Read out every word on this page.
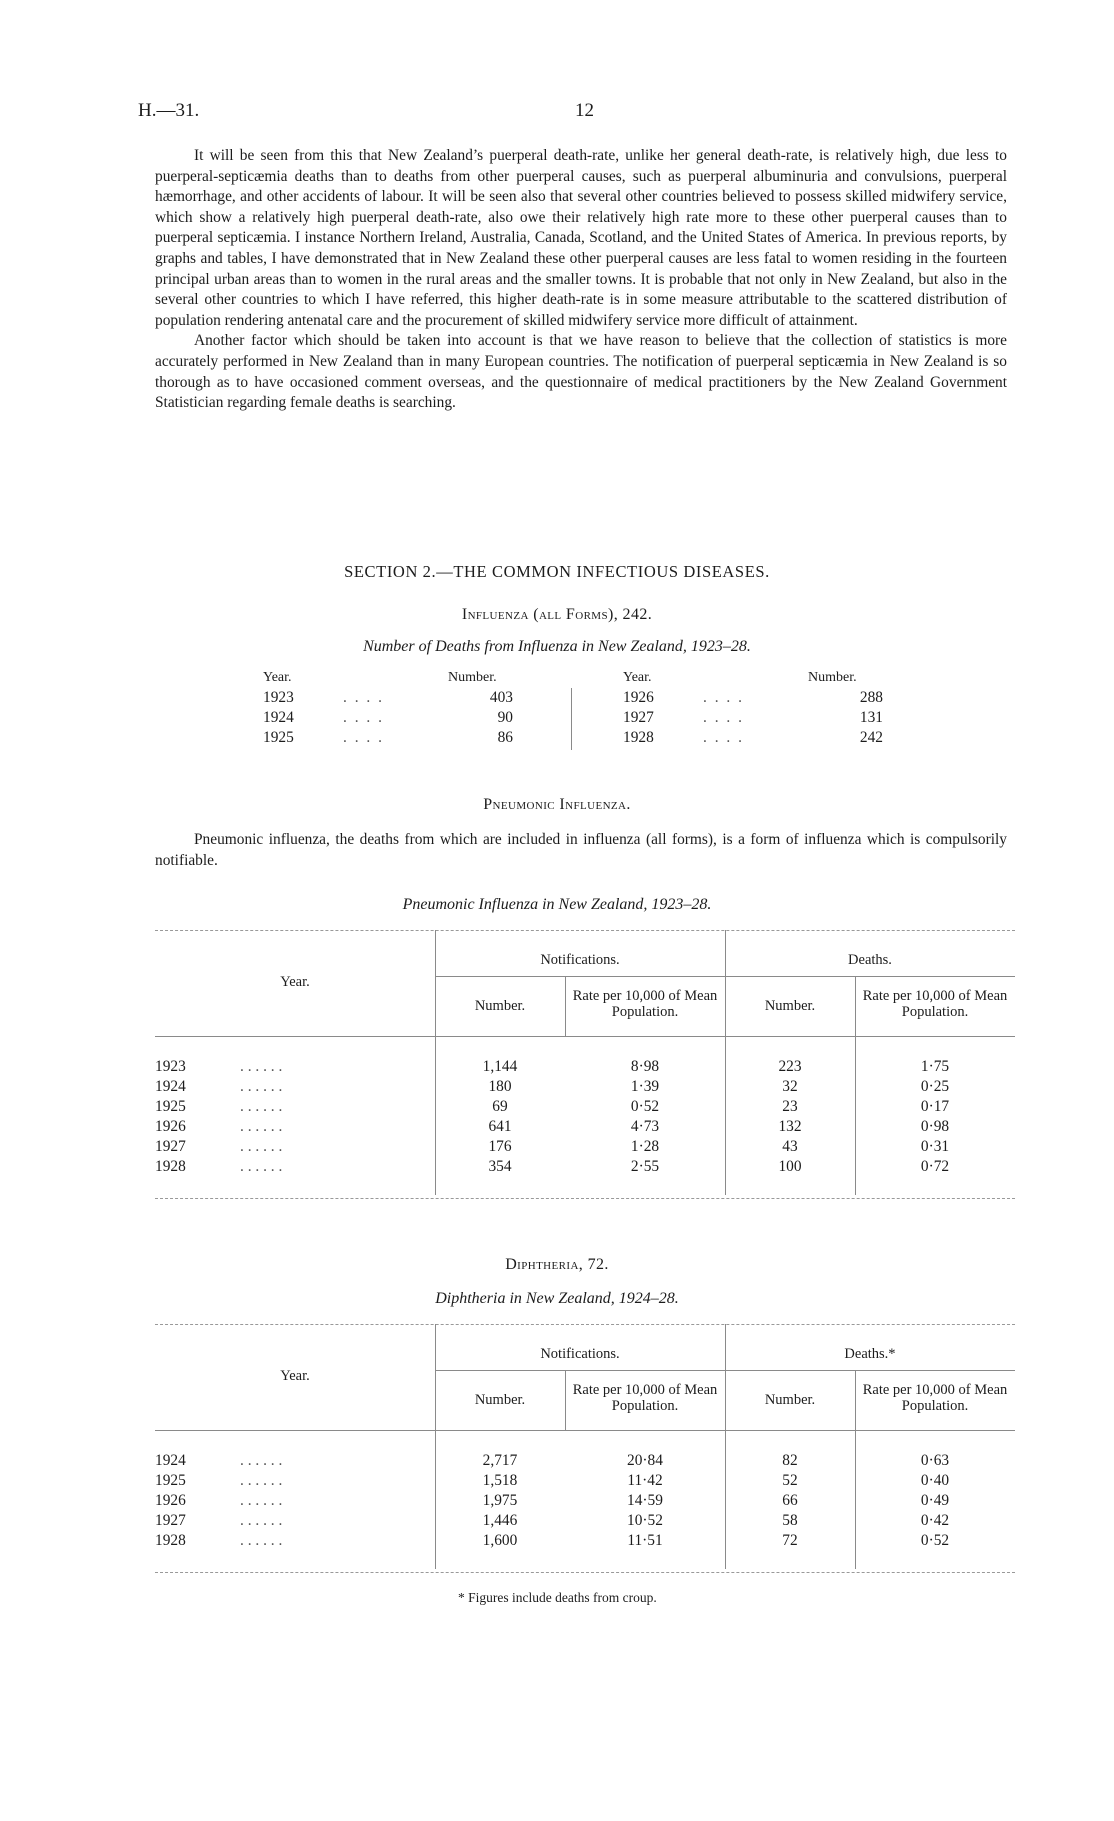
H.—31.	12

It will be seen from this that New Zealand’s puerperal death-rate, unlike her general death-rate, is relatively high, due less to puerperal-septicæmia deaths than to deaths from other puerperal causes, such as puerperal albuminuria and convulsions, puerperal hæmorrhage, and other accidents of labour. It will be seen also that several other countries believed to possess skilled midwifery service, which show a relatively high puerperal death-rate, also owe their relatively high rate more to these other puerperal causes than to puerperal septicæmia. I instance Northern Ireland, Australia, Canada, Scotland, and the United States of America. In previous reports, by graphs and tables, I have demonstrated that in New Zealand these other puerperal causes are less fatal to women residing in the fourteen principal urban areas than to women in the rural areas and the smaller towns. It is probable that not only in New Zealand, but also in the several other countries to which I have referred, this higher death-rate is in some measure attributable to the scattered distribution of population rendering antenatal care and the procurement of skilled midwifery service more difficult of attainment.

Another factor which should be taken into account is that we have reason to believe that the collection of statistics is more accurately performed in New Zealand than in many European countries. The notification of puerperal septicæmia in New Zealand is so thorough as to have occasioned comment overseas, and the questionnaire of medical practitioners by the New Zealand Government Statistician regarding female deaths is searching.

SECTION 2.—THE COMMON INFECTIOUS DISEASES.
Influenza (all Forms), 242.
Number of Deaths from Influenza in New Zealand, 1923–28.
Year.	Number.
1923	. . . .	403
1924	. . . .	90
1925	. . . .	86
Year.	Number.
1926	. . . .	288
1927	. . . .	131
1928	. . . .	242
Pneumonic Influenza.

Pneumonic influenza, the deaths from which are included in influenza (all forms), is a form of influenza which is compulsorily notifiable.

Pneumonic Influenza in New Zealand, 1923–28.
Year.
Notifications.	Deaths.
Number.
Rate per 10,000 of Mean Population.	Number.
Rate per 10,000 of Mean Population.
1923	. . . . . .	1,144	8·98	223	1·75
1924	. . . . . .	180	1·39	32	0·25
1925	. . . . . .	69	0·52	23	0·17
1926	. . . . . .	641	4·73	132	0·98
1927	. . . . . .	176	1·28	43	0·31
1928	. . . . . .	354	2·55	100	0·72
Diphtheria, 72.
Diphtheria in New Zealand, 1924–28.
Year.
Notifications.	Deaths.*
Number.
Rate per 10,000 of Mean Population.	Number.
Rate per 10,000 of Mean Population.
1924	. . . . . .	2,717	20·84	82	0·63
1925	. . . . . .	1,518	11·42	52	0·40
1926	. . . . . .	1,975	14·59	66	0·49
1927	. . . . . .	1,446	10·52	58	0·42
1928	. . . . . .	1,600	11·51	72	0·52
* Figures include deaths from croup.
